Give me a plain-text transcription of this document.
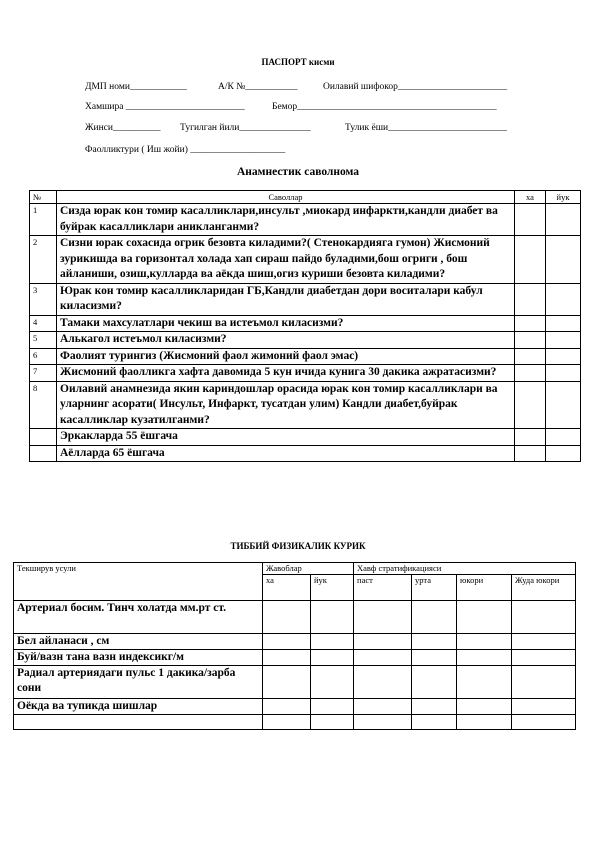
ПАСПОРТ кисми
ДМП номи____________	А/К №___________	Оилавий шифокор_______________________
Хамшира _________________________	Бемор__________________________________________
Жинси__________ Тугилган йили_______________	Тулик ёши_________________________
Фаолликтури ( Иш жойи) ____________________
Анамнестик саволнома
№	Саволлар	ха	йук
1	Сизда юрак кон томир касалликлари,инсульт ,миокард инфаркти,кандли диабет ва буйрак касалликлари аникланганми?		
2	Сизни юрак сохасида огрик безовта киладими?( Стенокардияга гумон) Жисмоний зурикишда ва горизонтал холада хап сираш пайдо буладими,бош огриги , бош айланиши, озиш,кулларда ва аёкда шиш,огиз куриши безовта киладими?		
3	Юрак кон томир касалликларидан ГБ,Кандли диабетдан дори воситалари кабул киласизми?		
4	Тамаки махсулатлари чекиш ва истеъмол киласизми?		
5	Алькагол истеъмол киласизми?		
6	Фаолият турингиз (Жисмоний фаол жимоний фаол эмас)		
7	Жисмоний фаолликга хафта давомида 5 кун ичида кунига 30 дакика ажратасизми?		
8	Оилавий анамнезида якин кариндошлар орасида юрак кон томир касалликлари ва уларнинг асорати( Инсульт, Инфаркт, тусатдан улим) Кандли диабет,буйрак касалликлар кузатилганми?		
	Эркакларда 55 ёшгача		
	Аёлларда 65 ёшгача		
ТИББИЙ ФИЗИКАЛИК КУРИК
Текширув усули	Жавоблар		Хавф стратификацияси			
	ха	йук	паст	урта	юкори	Жуда юкори
Артериал босим. Тинч холатда мм.рт ст.						
Бел айланаси , см						
Буй/вазн тана вазн индексикг/м						
Радиал артериядаги пульс 1 дакика/зарба сони						
Оёкда ва тупикда шишлар						
